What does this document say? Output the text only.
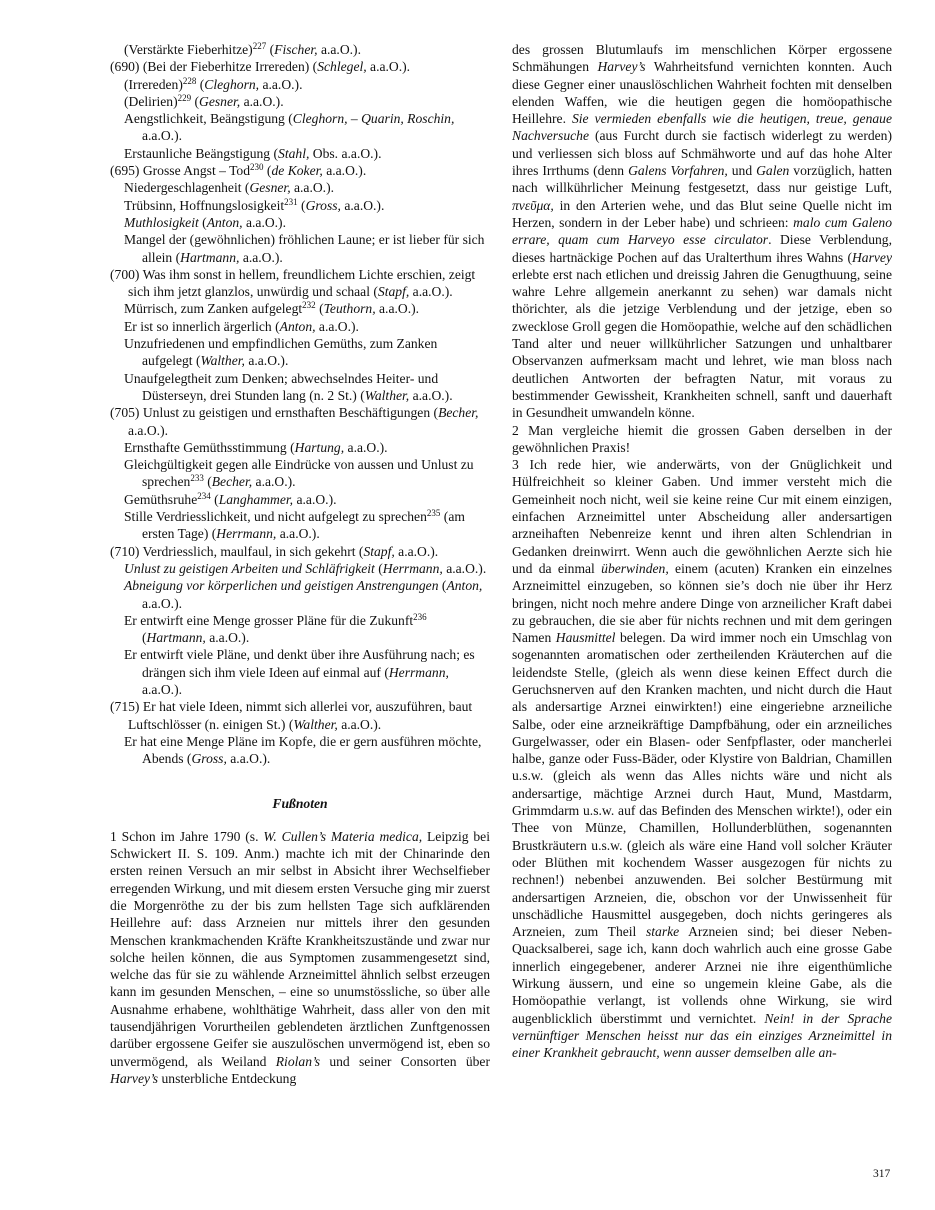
(Verstärkte Fieberhitze)$^{227}$ (Fischer, a.a.O.).

(690) (Bei der Fieberhitze Irrereden) (Schlegel, a.a.O.).

(Irrereden)$^{228}$ (Cleghorn, a.a.O.).

(Delirien)$^{229}$ (Gesner, a.a.O.).

Aengstlichkeit, Beängstigung (Cleghorn, – Quarin, Roschin, a.a.O.).

Erstaunliche Beängstigung (Stahl, Obs. a.a.O.).

(695) Grosse Angst – Tod$^{230}$ (de Koker, a.a.O.).

Niedergeschlagenheit (Gesner, a.a.O.).

Trübsinn, Hoffnungslosigkeit$^{231}$ (Gross, a.a.O.).

Muthlosigkeit (Anton, a.a.O.).

Mangel der (gewöhnlichen) fröhlichen Laune; er ist lieber für sich allein (Hartmann, a.a.O.).

(700) Was ihm sonst in hellem, freundlichem Lichte erschien, zeigt sich ihm jetzt glanzlos, unwürdig und schaal (Stapf, a.a.O.).

Mürrisch, zum Zanken aufgelegt$^{232}$ (Teuthorn, a.a.O.).

Er ist so innerlich ärgerlich (Anton, a.a.O.).

Unzufriedenen und empfindlichen Gemüths, zum Zanken aufgelegt (Walther, a.a.O.).

Unaufgelegtheit zum Denken; abwechselndes Heiter- und Düsterseyn, drei Stunden lang (n. 2 St.) (Walther, a.a.O.).

(705) Unlust zu geistigen und ernsthaften Beschäftigungen (Becher, a.a.O.).

Ernsthafte Gemüthsstimmung (Hartung, a.a.O.).

Gleichgültigkeit gegen alle Eindrücke von aussen und Unlust zu sprechen$^{233}$ (Becher, a.a.O.).

Gemüthsruhe$^{234}$ (Langhammer, a.a.O.).

Stille Verdriesslichkeit, und nicht aufgelegt zu sprechen$^{235}$ (am ersten Tage) (Herrmann, a.a.O.).

(710) Verdriesslich, maulfaul, in sich gekehrt (Stapf, a.a.O.).

Unlust zu geistigen Arbeiten und Schläfrigkeit (Herrmann, a.a.O.).

Abneigung vor körperlichen und geistigen Anstrengungen (Anton, a.a.O.).

Er entwirft eine Menge grosser Pläne für die Zukunft$^{236}$ (Hartmann, a.a.O.).

Er entwirft viele Pläne, und denkt über ihre Ausführung nach; es drängen sich ihm viele Ideen auf einmal auf (Herrmann, a.a.O.).

(715) Er hat viele Ideen, nimmt sich allerlei vor, auszuführen, baut Luftschlösser (n. einigen St.) (Walther, a.a.O.).

Er hat eine Menge Pläne im Kopfe, die er gern ausführen möchte, Abends (Gross, a.a.O.).

Fußnoten

1 Schon im Jahre 1790 (s. W. Cullen’s Materia medica, Leipzig bei Schwickert II. S. 109. Anm.) machte ich mit der Chinarinde den ersten reinen Versuch an mir selbst in Absicht ihrer Wechselfieber erregenden Wirkung, und mit diesem ersten Versuche ging mir zuerst die Morgenröthe zu der bis zum hellsten Tage sich aufklärenden Heillehre auf: dass Arzneien nur mittels ihrer den gesunden Menschen krankmachenden Kräfte Krankheitszustände und zwar nur solche heilen können, die aus Symptomen zusammengesetzt sind, welche das für sie zu wählende Arzneimittel ähnlich selbst erzeugen kann im gesunden Menschen, – eine so unumstössliche, so über alle Ausnahme erhabene, wohlthätige Wahrheit, dass aller von den mit tausendjährigen Vorurtheilen geblendeten ärztlichen Zunftgenossen darüber ergossene Geifer sie auszulöschen unvermögend ist, eben so unvermögend, als Weiland Riolan’s und seiner Consorten über Harvey’s unsterbliche Entdeckung

des grossen Blutumlaufs im menschlichen Körper ergossene Schmähungen Harvey’s Wahrheitsfund vernichten konnten. Auch diese Gegner einer unauslöschlichen Wahrheit fochten mit denselben elenden Waffen, wie die heutigen gegen die homöopathische Heillehre. Sie vermieden ebenfalls wie die heutigen, treue, genaue Nachversuche (aus Furcht durch sie factisch widerlegt zu werden) und verliessen sich bloss auf Schmähworte und auf das hohe Alter ihres Irrthums (denn Galens Vorfahren, und Galen vorzüglich, hatten nach willkührlicher Meinung festgesetzt, dass nur geistige Luft, πνεῦμα, in den Arterien wehe, und das Blut seine Quelle nicht im Herzen, sondern in der Leber habe) und schrieen: malo cum Galeno errare, quam cum Harveyo esse circulator. Diese Verblendung, dieses hartnäckige Pochen auf das Uralterthum ihres Wahns (Harvey erlebte erst nach etlichen und dreissig Jahren die Genugthuung, seine wahre Lehre allgemein anerkannt zu sehen) war damals nicht thörichter, als die jetzige Verblendung und der jetzige, eben so zwecklose Groll gegen die Homöopathie, welche auf den schädlichen Tand alter und neuer willkührlicher Satzungen und unhaltbarer Observanzen aufmerksam macht und lehret, wie man bloss nach deutlichen Antworten der befragten Natur, mit voraus zu bestimmender Gewissheit, Krankheiten schnell, sanft und dauerhaft in Gesundheit umwandeln könne.

2 Man vergleiche hiemit die grossen Gaben derselben in der gewöhnlichen Praxis!

3 Ich rede hier, wie anderwärts, von der Gnüglichkeit und Hülfreichheit so kleiner Gaben. Und immer versteht mich die Gemeinheit noch nicht, weil sie keine reine Cur mit einem einzigen, einfachen Arzneimittel unter Abscheidung aller andersartigen arzneihaften Nebenreize kennt und ihren alten Schlendrian in Gedanken dreinwirrt. Wenn auch die gewöhnlichen Aerzte sich hie und da einmal überwinden, einem (acuten) Kranken ein einzelnes Arzneimittel einzugeben, so können sie’s doch nie über ihr Herz bringen, nicht noch mehre andere Dinge von arzneilicher Kraft dabei zu gebrauchen, die sie aber für nichts rechnen und mit dem geringen Namen Hausmittel belegen. Da wird immer noch ein Umschlag von sogenannten aromatischen oder zertheilenden Kräuterchen auf die leidendste Stelle, (gleich als wenn diese keinen Effect durch die Geruchsnerven auf den Kranken machten, und nicht durch die Haut als andersartige Arznei einwirkten!) eine eingeriebne arzneiliche Salbe, oder eine arzneikräftige Dampfbähung, oder ein arzneiliches Gurgelwasser, oder ein Blasen- oder Senfpflaster, oder mancherlei halbe, ganze oder Fuss-Bäder, oder Klystire von Baldrian, Chamillen u.s.w. (gleich als wenn das Alles nichts wäre und nicht als andersartige, mächtige Arznei durch Haut, Mund, Mastdarm, Grimmdarm u.s.w. auf das Befinden des Menschen wirkte!), oder ein Thee von Münze, Chamillen, Hollunderblüthen, sogenannten Brustkräutern u.s.w. (gleich als wäre eine Hand voll solcher Kräuter oder Blüthen mit kochendem Wasser ausgezogen für nichts zu rechnen!) nebenbei anzuwenden. Bei solcher Bestürmung mit andersartigen Arzneien, die, obschon vor der Unwissenheit für unschädliche Hausmittel ausgegeben, doch nichts geringeres als Arzneien, zum Theil starke Arzneien sind; bei dieser Neben-Quacksalberei, sage ich, kann doch wahrlich auch eine grosse Gabe innerlich eingegebener, anderer Arznei nie ihre eigenthümliche Wirkung äussern, und eine so ungemein kleine Gabe, als die Homöopathie verlangt, ist vollends ohne Wirkung, sie wird augenblicklich überstimmt und vernichtet. Nein! in der Sprache vernünftiger Menschen heisst nur das ein einziges Arzneimittel in einer Krankheit gebraucht, wenn ausser demselben alle an-

317
